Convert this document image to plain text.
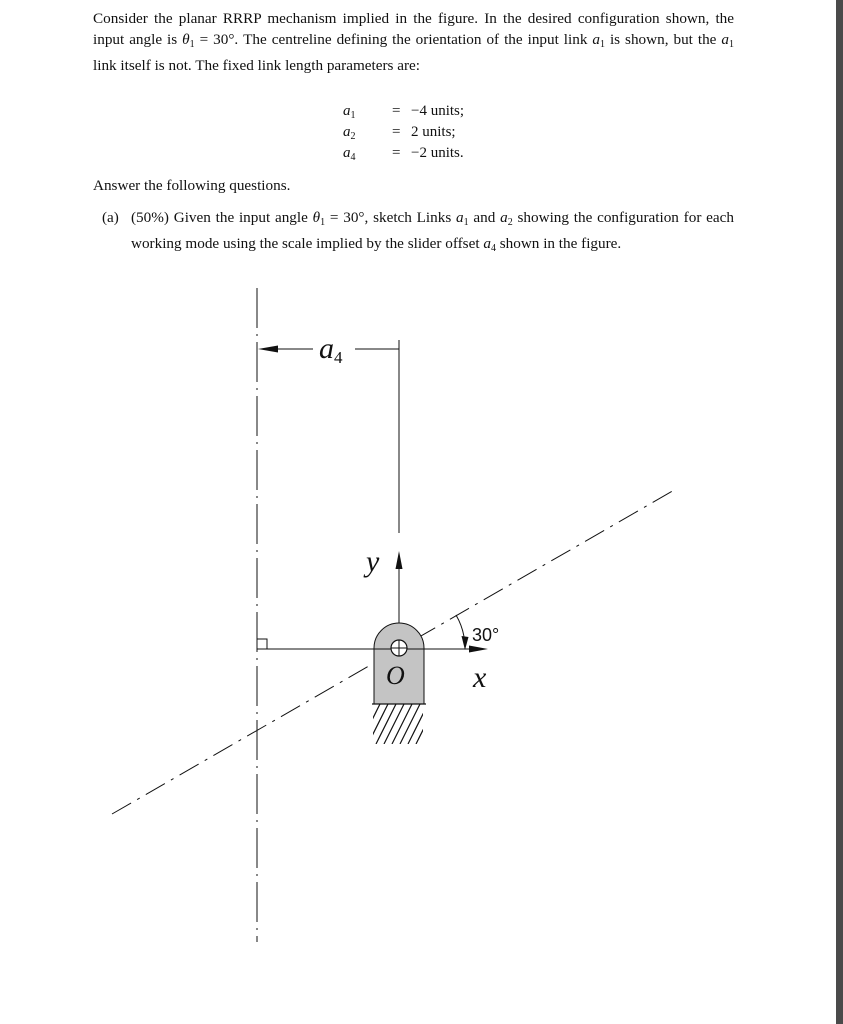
Consider the planar RRRP mechanism implied in the figure. In the desired configuration shown, the input angle is $\theta_1 = 30^\circ$. The centreline defining the orientation of the input link $a_1$ is shown, but the $a_1$ link itself is not. The fixed link length parameters are:

$a_1 = -4$ units;
$a_2 = 2$ units;
$a_4 = -2$ units.
Answer the following questions.
(a) (50%) Given the input angle $\theta_1 = 30^\circ$, sketch Links $a_1$ and $a_2$ showing the configuration for each working mode using the scale implied by the slider offset $a_4$ shown in the figure.
a4
y
x
O
30°
